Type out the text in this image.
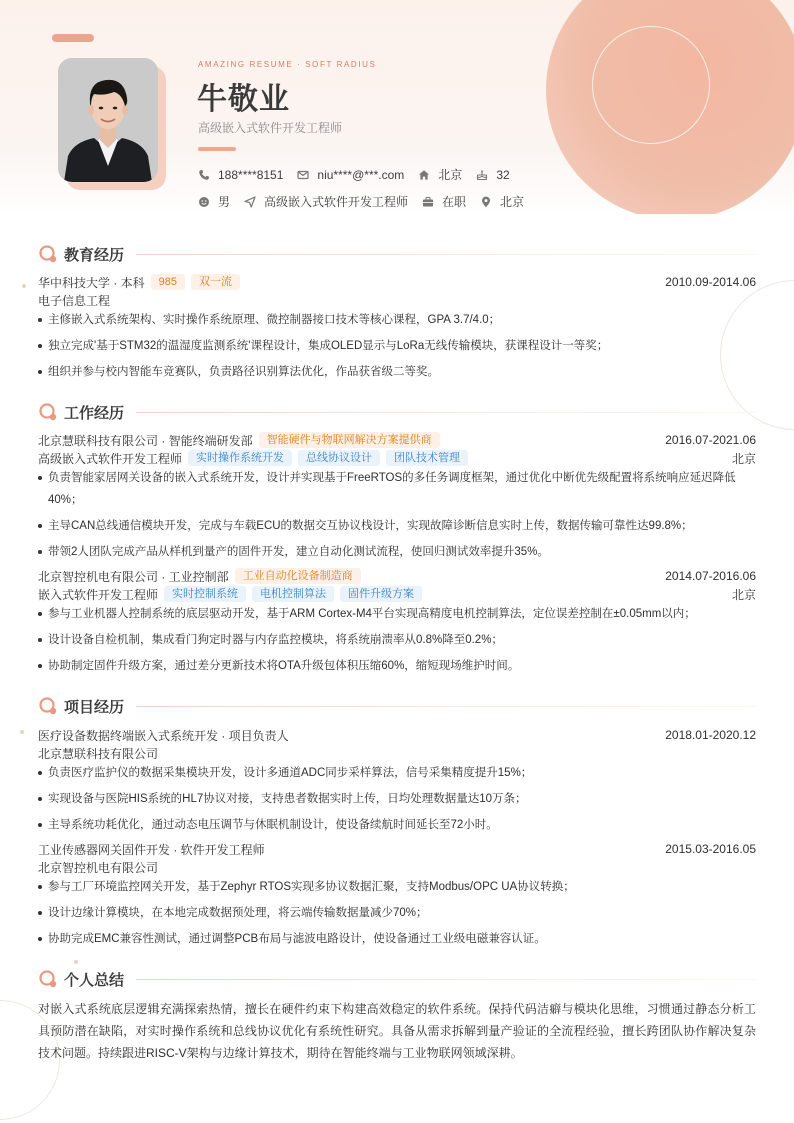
AMAZING RESUME · SOFT RADIUS
牛敬业
高级嵌入式软件开发工程师
188****8151	niu****@***.com	北京	32
男	高级嵌入式软件开发工程师	在职	北京
教育经历
华中科技大学 · 本科	985	双一流	2010.09-2014.06
电子信息工程
主修嵌入式系统架构、实时操作系统原理、微控制器接口技术等核心课程，GPA 3.7/4.0；
独立完成'基于STM32的温湿度监测系统'课程设计，集成OLED显示与LoRa无线传输模块，获课程设计一等奖；
组织并参与校内智能车竞赛队，负责路径识别算法优化，作品获省级二等奖。
工作经历
北京慧联科技有限公司 · 智能终端研发部	智能硬件与物联网解决方案提供商	2016.07-2021.06
高级嵌入式软件开发工程师	实时操作系统开发	总线协议设计	团队技术管理	北京
负责智能家居网关设备的嵌入式系统开发，设计并实现基于FreeRTOS的多任务调度框架，通过优化中断优先级配置将系统响应延迟降低40%；
主导CAN总线通信模块开发，完成与车载ECU的数据交互协议栈设计，实现故障诊断信息实时上传，数据传输可靠性达99.8%；
带领2人团队完成产品从样机到量产的固件开发，建立自动化测试流程，使回归测试效率提升35%。
北京智控机电有限公司 · 工业控制部	工业自动化设备制造商	2014.07-2016.06
嵌入式软件开发工程师	实时控制系统	电机控制算法	固件升级方案	北京
参与工业机器人控制系统的底层驱动开发，基于ARM Cortex-M4平台实现高精度电机控制算法，定位误差控制在±0.05mm以内；
设计设备自检机制，集成看门狗定时器与内存监控模块，将系统崩溃率从0.8%降至0.2%；
协助制定固件升级方案，通过差分更新技术将OTA升级包体积压缩60%，缩短现场维护时间。
项目经历
医疗设备数据终端嵌入式系统开发 · 项目负责人	2018.01-2020.12
北京慧联科技有限公司
负责医疗监护仪的数据采集模块开发，设计多通道ADC同步采样算法，信号采集精度提升15%；
实现设备与医院HIS系统的HL7协议对接，支持患者数据实时上传，日均处理数据量达10万条；
主导系统功耗优化，通过动态电压调节与休眠机制设计，使设备续航时间延长至72小时。
工业传感器网关固件开发 · 软件开发工程师	2015.03-2016.05
北京智控机电有限公司
参与工厂环境监控网关开发，基于Zephyr RTOS实现多协议数据汇聚，支持Modbus/OPC UA协议转换；
设计边缘计算模块，在本地完成数据预处理，将云端传输数据量减少70%；
协助完成EMC兼容性测试，通过调整PCB布局与滤波电路设计，使设备通过工业级电磁兼容认证。
个人总结
对嵌入式系统底层逻辑充满探索热情，擅长在硬件约束下构建高效稳定的软件系统。保持代码洁癖与模块化思维，习惯通过静态分析工具预防潜在缺陷，对实时操作系统和总线协议优化有系统性研究。具备从需求拆解到量产验证的全流程经验，擅长跨团队协作解决复杂技术问题。持续跟进RISC-V架构与边缘计算技术，期待在智能终端与工业物联网领域深耕。
